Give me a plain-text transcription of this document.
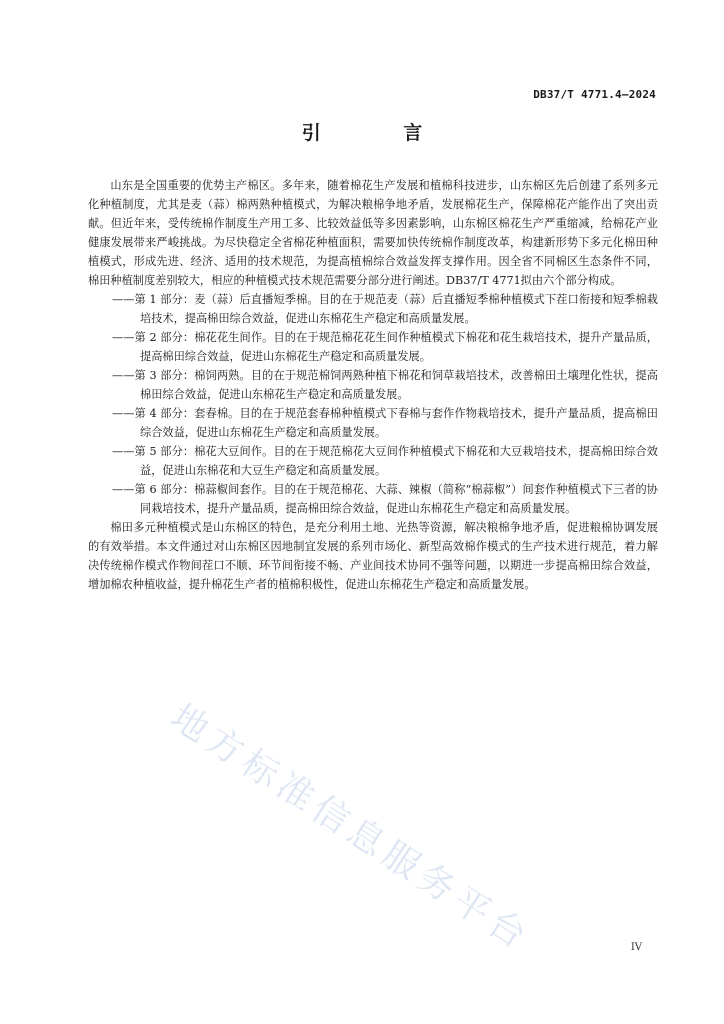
DB37/T 4771.4—2024
引 言

山东是全国重要的优势主产棉区。多年来，随着棉花生产发展和植棉科技进步，山东棉区先后创建了系列多元化种植制度，尤其是麦（蒜）棉两熟种植模式，为解决粮棉争地矛盾，发展棉花生产，保障棉花产能作出了突出贡献。但近年来，受传统棉作制度生产用工多、比较效益低等多因素影响，山东棉区棉花生产严重缩减，给棉花产业健康发展带来严峻挑战。为尽快稳定全省棉花种植面积，需要加快传统棉作制度改革，构建新形势下多元化棉田种植模式，形成先进、经济、适用的技术规范，为提高植棉综合效益发挥支撑作用。因全省不同棉区生态条件不同，棉田种植制度差别较大，相应的种植模式技术规范需要分部分进行阐述。DB37/T 4771拟由六个部分构成。

——第 1 部分：麦（蒜）后直播短季棉。目的在于规范麦（蒜）后直播短季棉种植模式下茬口衔接和短季棉栽培技术，提高棉田综合效益，促进山东棉花生产稳定和高质量发展。
——第 2 部分：棉花花生间作。目的在于规范棉花花生间作种植模式下棉花和花生栽培技术，提升产量品质，提高棉田综合效益，促进山东棉花生产稳定和高质量发展。
——第 3 部分：棉饲两熟。目的在于规范棉饲两熟种植下棉花和饲草栽培技术，改善棉田土壤理化性状，提高棉田综合效益，促进山东棉花生产稳定和高质量发展。
——第 4 部分：套春棉。目的在于规范套春棉种植模式下春棉与套作作物栽培技术，提升产量品质，提高棉田综合效益，促进山东棉花生产稳定和高质量发展。
——第 5 部分：棉花大豆间作。目的在于规范棉花大豆间作种植模式下棉花和大豆栽培技术，提高棉田综合效益，促进山东棉花和大豆生产稳定和高质量发展。
——第 6 部分：棉蒜椒间套作。目的在于规范棉花、大蒜、辣椒（简称“棉蒜椒”）间套作种植模式下三者的协同栽培技术，提升产量品质，提高棉田综合效益，促进山东棉花生产稳定和高质量发展。

棉田多元种植模式是山东棉区的特色，是充分利用土地、光热等资源，解决粮棉争地矛盾，促进粮棉协调发展的有效举措。本文件通过对山东棉区因地制宜发展的系列市场化、新型高效棉作模式的生产技术进行规范，着力解决传统棉作模式作物间茬口不顺、环节间衔接不畅、产业间技术协同不强等问题，以期进一步提高棉田综合效益，增加棉农种植收益，提升棉花生产者的植棉积极性，促进山东棉花生产稳定和高质量发展。

地方标准信息服务平台	IV
